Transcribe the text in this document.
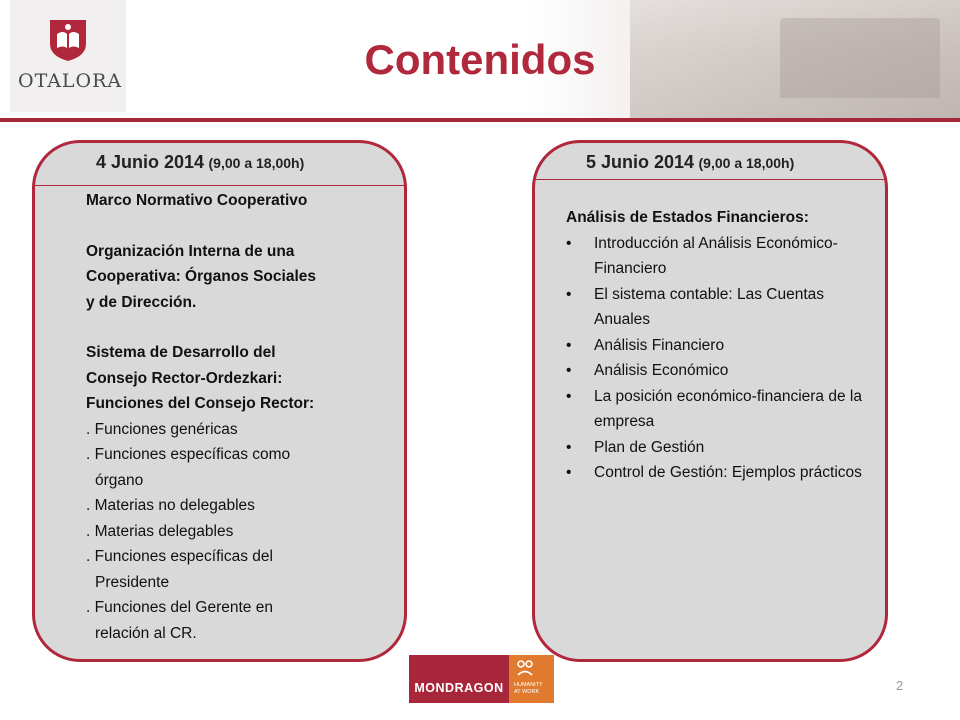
OTALORA	Contenidos
4 Junio 2014 (9,00 a 18,00h)
Marco Normativo Cooperativo
Organización Interna de una
Cooperativa: Órganos Sociales
y de Dirección.
Sistema de Desarrollo del
Consejo Rector-Ordezkari:
Funciones del Consejo Rector:
. Funciones genéricas
. Funciones específicas como
órgano
. Materias no delegables
. Materias delegables
. Funciones específicas del
Presidente
. Funciones del Gerente en
relación al CR.
5 Junio 2014 (9,00 a 18,00h)
Análisis de Estados Financieros:
• Introducción al Análisis Económico-Financiero
• El sistema contable: Las Cuentas Anuales
• Análisis Financiero
• Análisis Económico
• La posición económico-financiera de la empresa
• Plan de Gestión
• Control de Gestión: Ejemplos prácticos
MONDRAGON	HUMANITY
AT WORK	2
